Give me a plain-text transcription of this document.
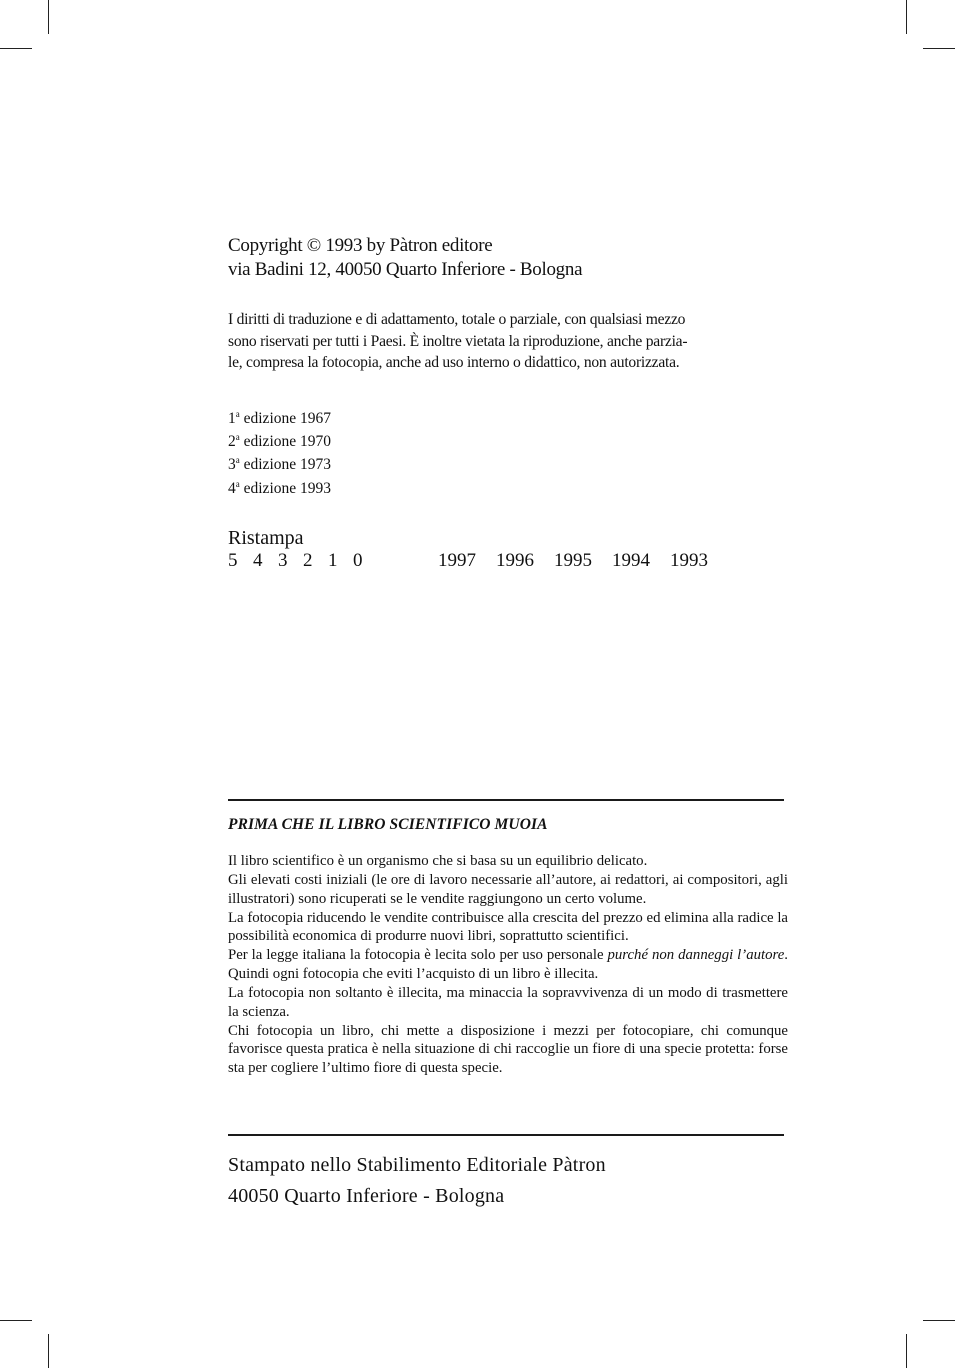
Copyright © 1993 by Pàtron editore
via Badini 12, 40050 Quarto Inferiore - Bologna

I diritti di traduzione e di adattamento, totale o parziale, con qualsiasi mezzo

sono riservati per tutti i Paesi. È inoltre vietata la riproduzione, anche parzia-

le, compresa la fotocopia, anche ad uso interno o didattico, non autorizzata.

1$^a$ edizione 1967
2$^a$ edizione 1970
3$^a$ edizione 1973
4$^a$ edizione 1993
Ristampa
5 4 3 2 1 0	1997 1996 1995 1994 1993
PRIMA CHE IL LIBRO SCIENTIFICO MUOIA

Il libro scientifico è un organismo che si basa su un equilibrio delicato.

Gli elevati costi iniziali (le ore di lavoro necessarie all’autore, ai redattori, ai compositori, agli illustratori) sono ricuperati se le vendite raggiungono un certo volume.

La fotocopia riducendo le vendite contribuisce alla crescita del prezzo ed elimina alla radice la possibilità economica di produrre nuovi libri, soprattutto scientifici.

Per la legge italiana la fotocopia è lecita solo per uso personale purché non danneggi l’autore. Quindi ogni fotocopia che eviti l’acquisto di un libro è illecita.

La fotocopia non soltanto è illecita, ma minaccia la sopravvivenza di un modo di trasmettere la scienza.

Chi fotocopia un libro, chi mette a disposizione i mezzi per fotocopiare, chi comunque favorisce questa pratica è nella situazione di chi raccoglie un fiore di una specie protetta: forse sta per cogliere l’ultimo fiore di questa specie.

Stampato nello Stabilimento Editoriale Pàtron
40050 Quarto Inferiore - Bologna
